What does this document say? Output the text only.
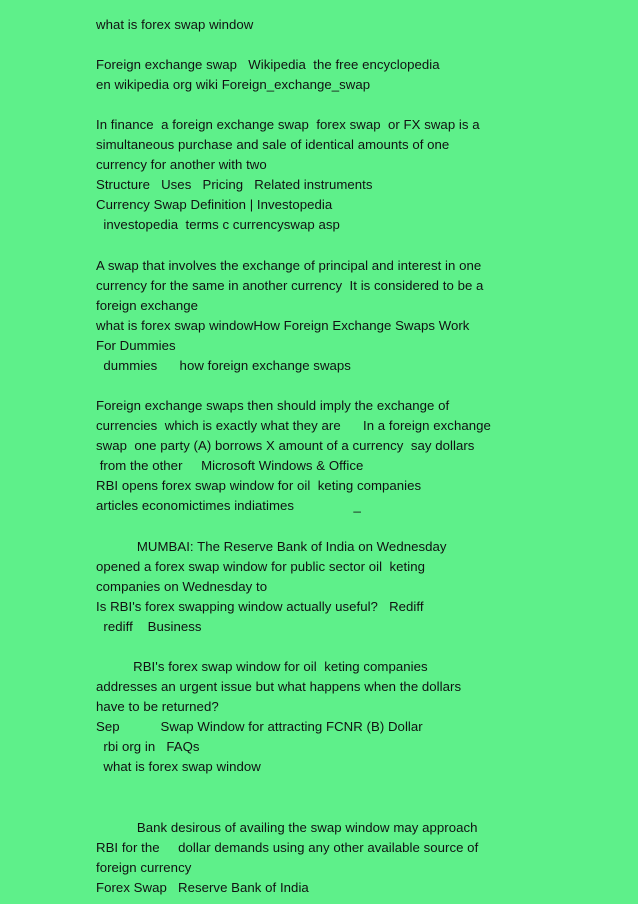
what is forex swap window
Foreign exchange swap   Wikipedia  the free encyclopedia
en wikipedia org wiki Foreign_exchange_swap
In finance  a foreign exchange swap  forex swap  or FX swap is a
simultaneous purchase and sale of identical amounts of one
currency for another with two
Structure   Uses   Pricing   Related instruments
Currency Swap Definition | Investopedia
investopedia  terms c currencyswap asp
A swap that involves the exchange of principal and interest in one
currency for the same in another currency  It is considered to be a
foreign exchange
what is forex swap windowHow Foreign Exchange Swaps Work
For Dummies
dummies      how foreign exchange swaps
Foreign exchange swaps then should imply the exchange of
currencies  which is exactly what they are      In a foreign exchange
swap  one party (A) borrows X amount of a currency  say dollars
from the other     Microsoft Windows & Office
RBI opens forex swap window for oil  keting companies
articles economictimes indiatimes                _
MUMBAI: The Reserve Bank of India on Wednesday
opened a forex swap window for public sector oil  keting
companies on Wednesday to
Is RBI's forex swapping window actually useful?   Rediff
rediff    Business
RBI's forex swap window for oil  keting companies
addresses an urgent issue but what happens when the dollars
have to be returned?
Sep           Swap Window for attracting FCNR (B) Dollar
rbi org in   FAQs
what is forex swap window
Bank desirous of availing the swap window may approach
RBI for the     dollar demands using any other available source of
foreign currency
Forex Swap   Reserve Bank of India
